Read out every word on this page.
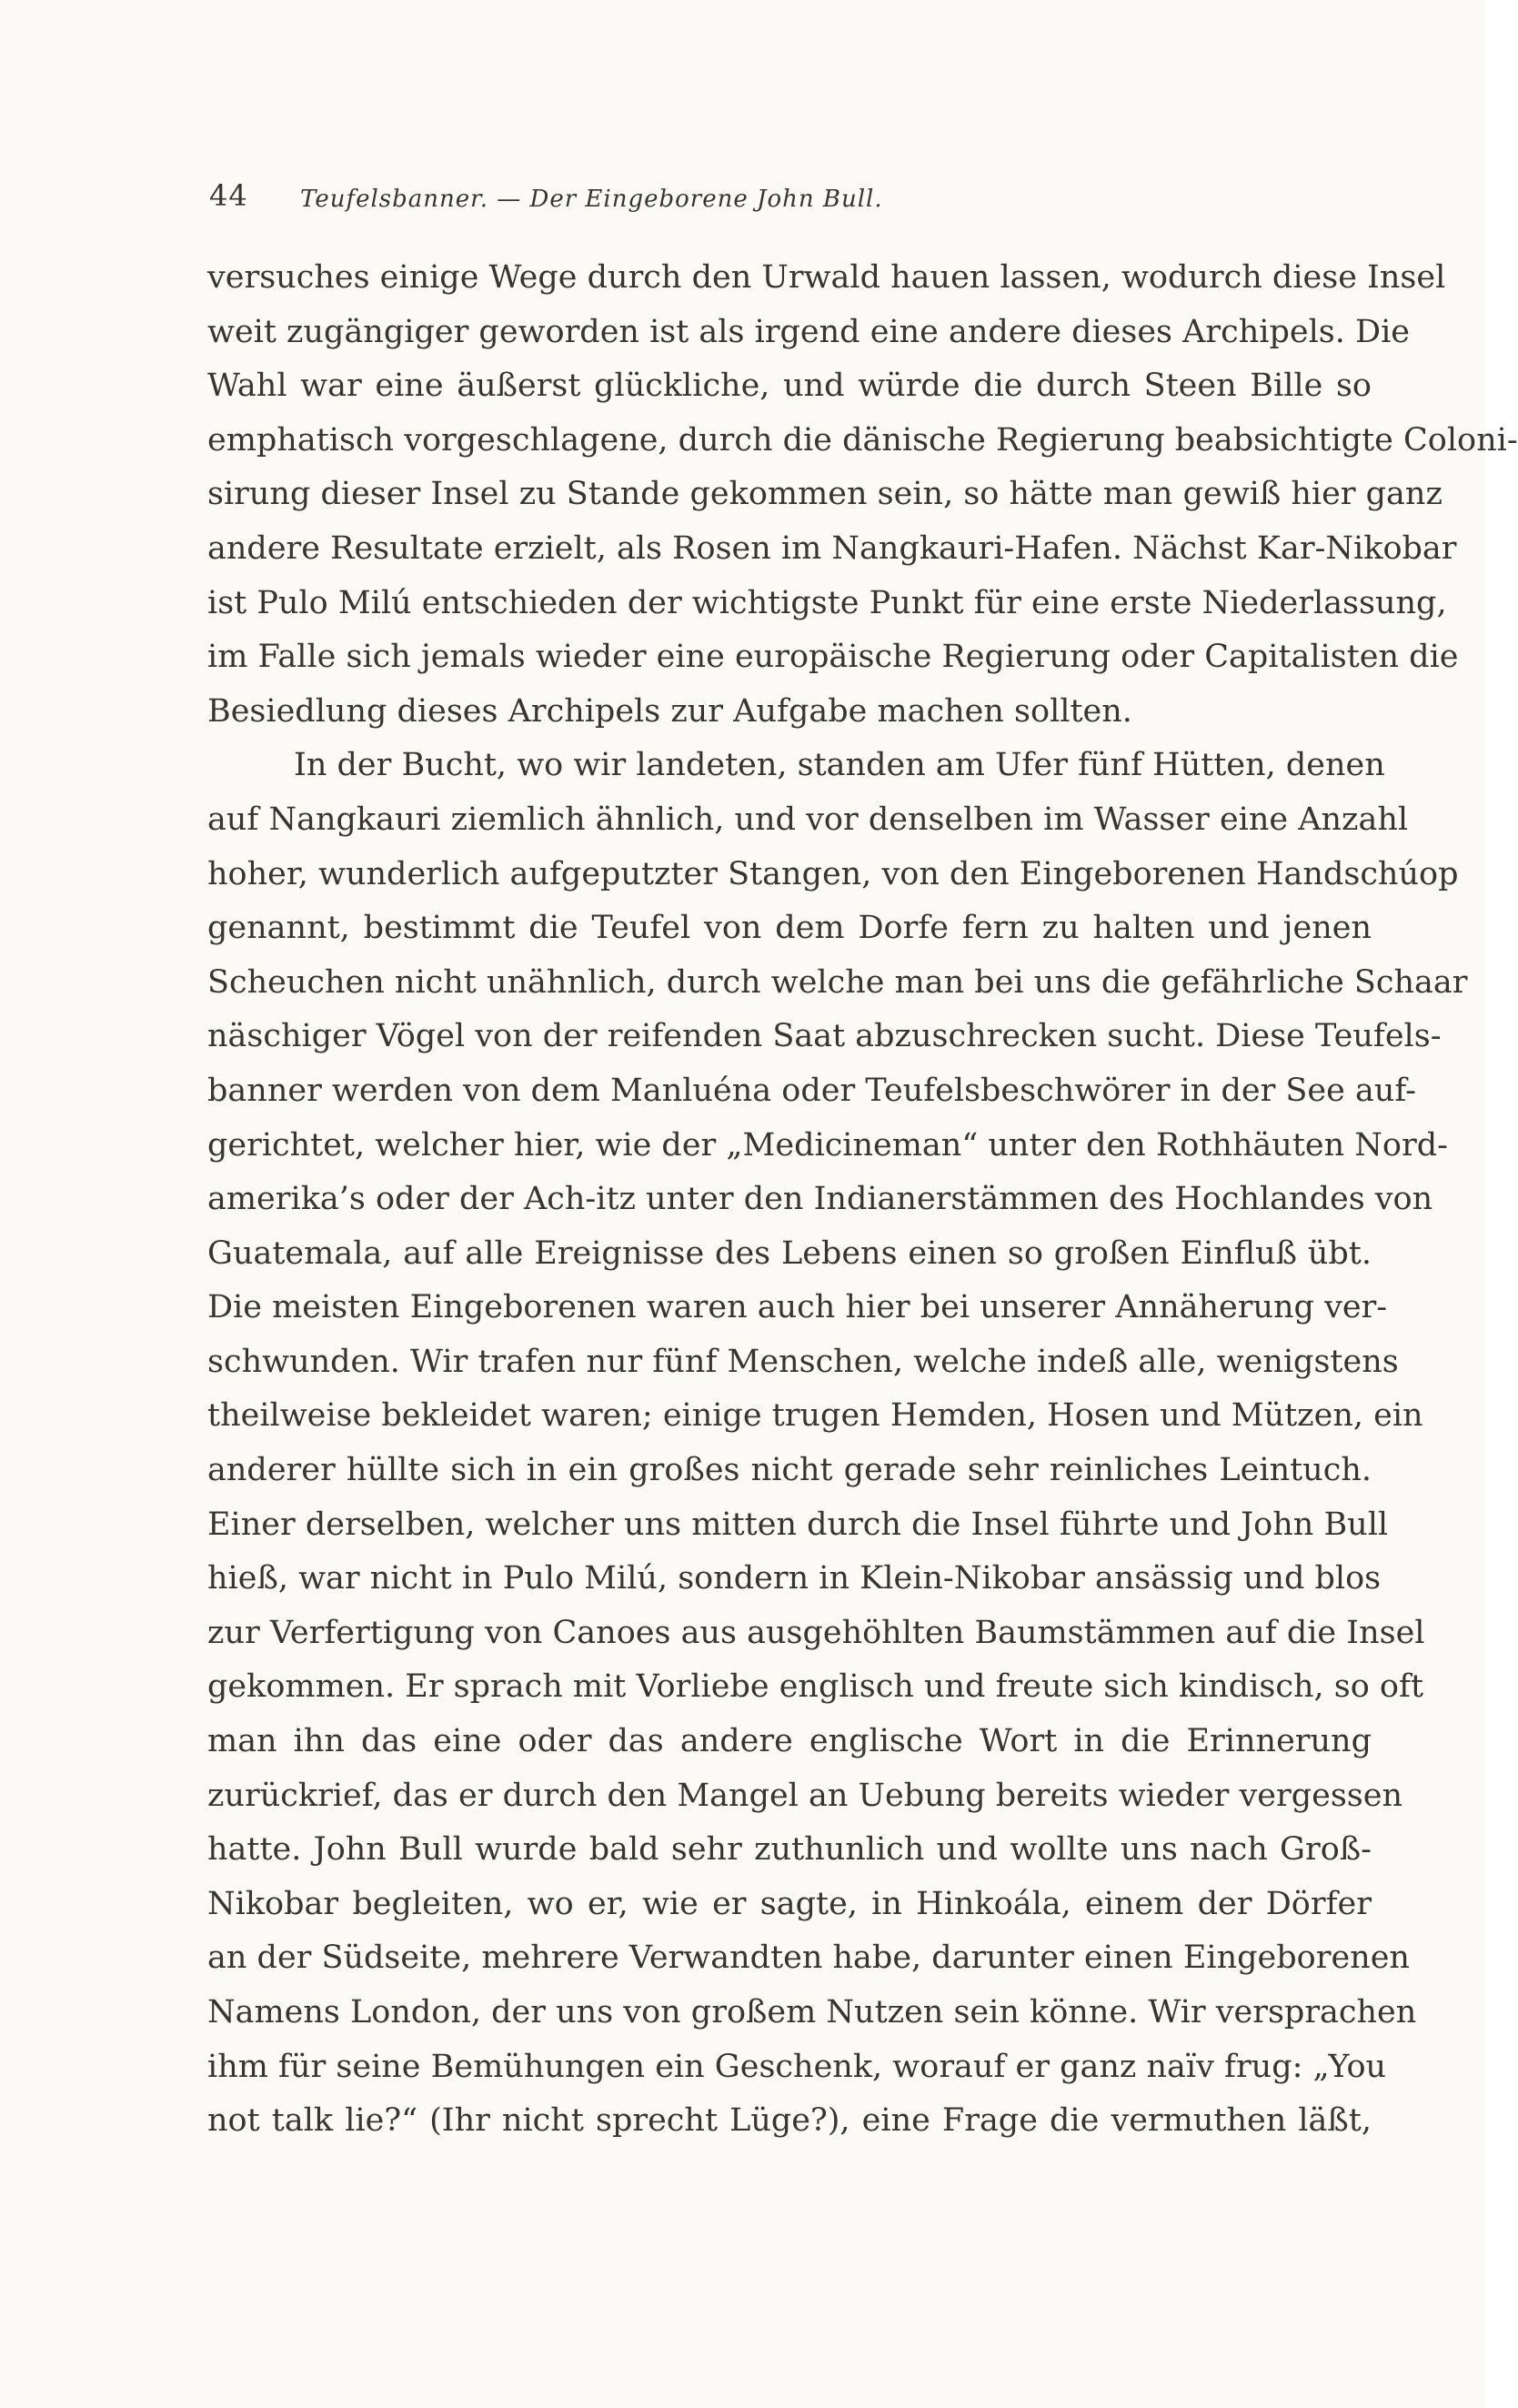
44 Teufelsbanner. — Der Eingeborene John Bull.
versuches einige Wege durch den Urwald hauen lassen, wodurch diese Insel
weit zugängiger geworden ist als irgend eine andere dieses Archipels. Die
Wahl war eine äußerst glückliche, und würde die durch Steen Bille so
emphatisch vorgeschlagene, durch die dänische Regierung beabsichtigte Coloni-
sirung dieser Insel zu Stande gekommen sein, so hätte man gewiß hier ganz
andere Resultate erzielt, als Rosen im Nangkauri-Hafen. Nächst Kar-Nikobar
ist Pulo Milú entschieden der wichtigste Punkt für eine erste Niederlassung,
im Falle sich jemals wieder eine europäische Regierung oder Capitalisten die
Besiedlung dieses Archipels zur Aufgabe machen sollten.
In der Bucht, wo wir landeten, standen am Ufer fünf Hütten, denen
auf Nangkauri ziemlich ähnlich, und vor denselben im Wasser eine Anzahl
hoher, wunderlich aufgeputzter Stangen, von den Eingeborenen Handschúop
genannt, bestimmt die Teufel von dem Dorfe fern zu halten und jenen
Scheuchen nicht unähnlich, durch welche man bei uns die gefährliche Schaar
näschiger Vögel von der reifenden Saat abzuschrecken sucht. Diese Teufels-
banner werden von dem Manluéna oder Teufelsbeschwörer in der See auf-
gerichtet, welcher hier, wie der „Medicineman“ unter den Rothhäuten Nord-
amerika’s oder der Ach-itz unter den Indianerstämmen des Hochlandes von
Guatemala, auf alle Ereignisse des Lebens einen so großen Einfluß übt.
Die meisten Eingeborenen waren auch hier bei unserer Annäherung ver-
schwunden. Wir trafen nur fünf Menschen, welche indeß alle, wenigstens
theilweise bekleidet waren; einige trugen Hemden, Hosen und Mützen, ein
anderer hüllte sich in ein großes nicht gerade sehr reinliches Leintuch.
Einer derselben, welcher uns mitten durch die Insel führte und John Bull
hieß, war nicht in Pulo Milú, sondern in Klein-Nikobar ansässig und blos
zur Verfertigung von Canoes aus ausgehöhlten Baumstämmen auf die Insel
gekommen. Er sprach mit Vorliebe englisch und freute sich kindisch, so oft
man ihn das eine oder das andere englische Wort in die Erinnerung
zurückrief, das er durch den Mangel an Uebung bereits wieder vergessen
hatte. John Bull wurde bald sehr zuthunlich und wollte uns nach Groß-
Nikobar begleiten, wo er, wie er sagte, in Hinkoála, einem der Dörfer
an der Südseite, mehrere Verwandten habe, darunter einen Eingeborenen
Namens London, der uns von großem Nutzen sein könne. Wir versprachen
ihm für seine Bemühungen ein Geschenk, worauf er ganz naïv frug: „You
not talk lie?“ (Ihr nicht sprecht Lüge?), eine Frage die vermuthen läßt,
